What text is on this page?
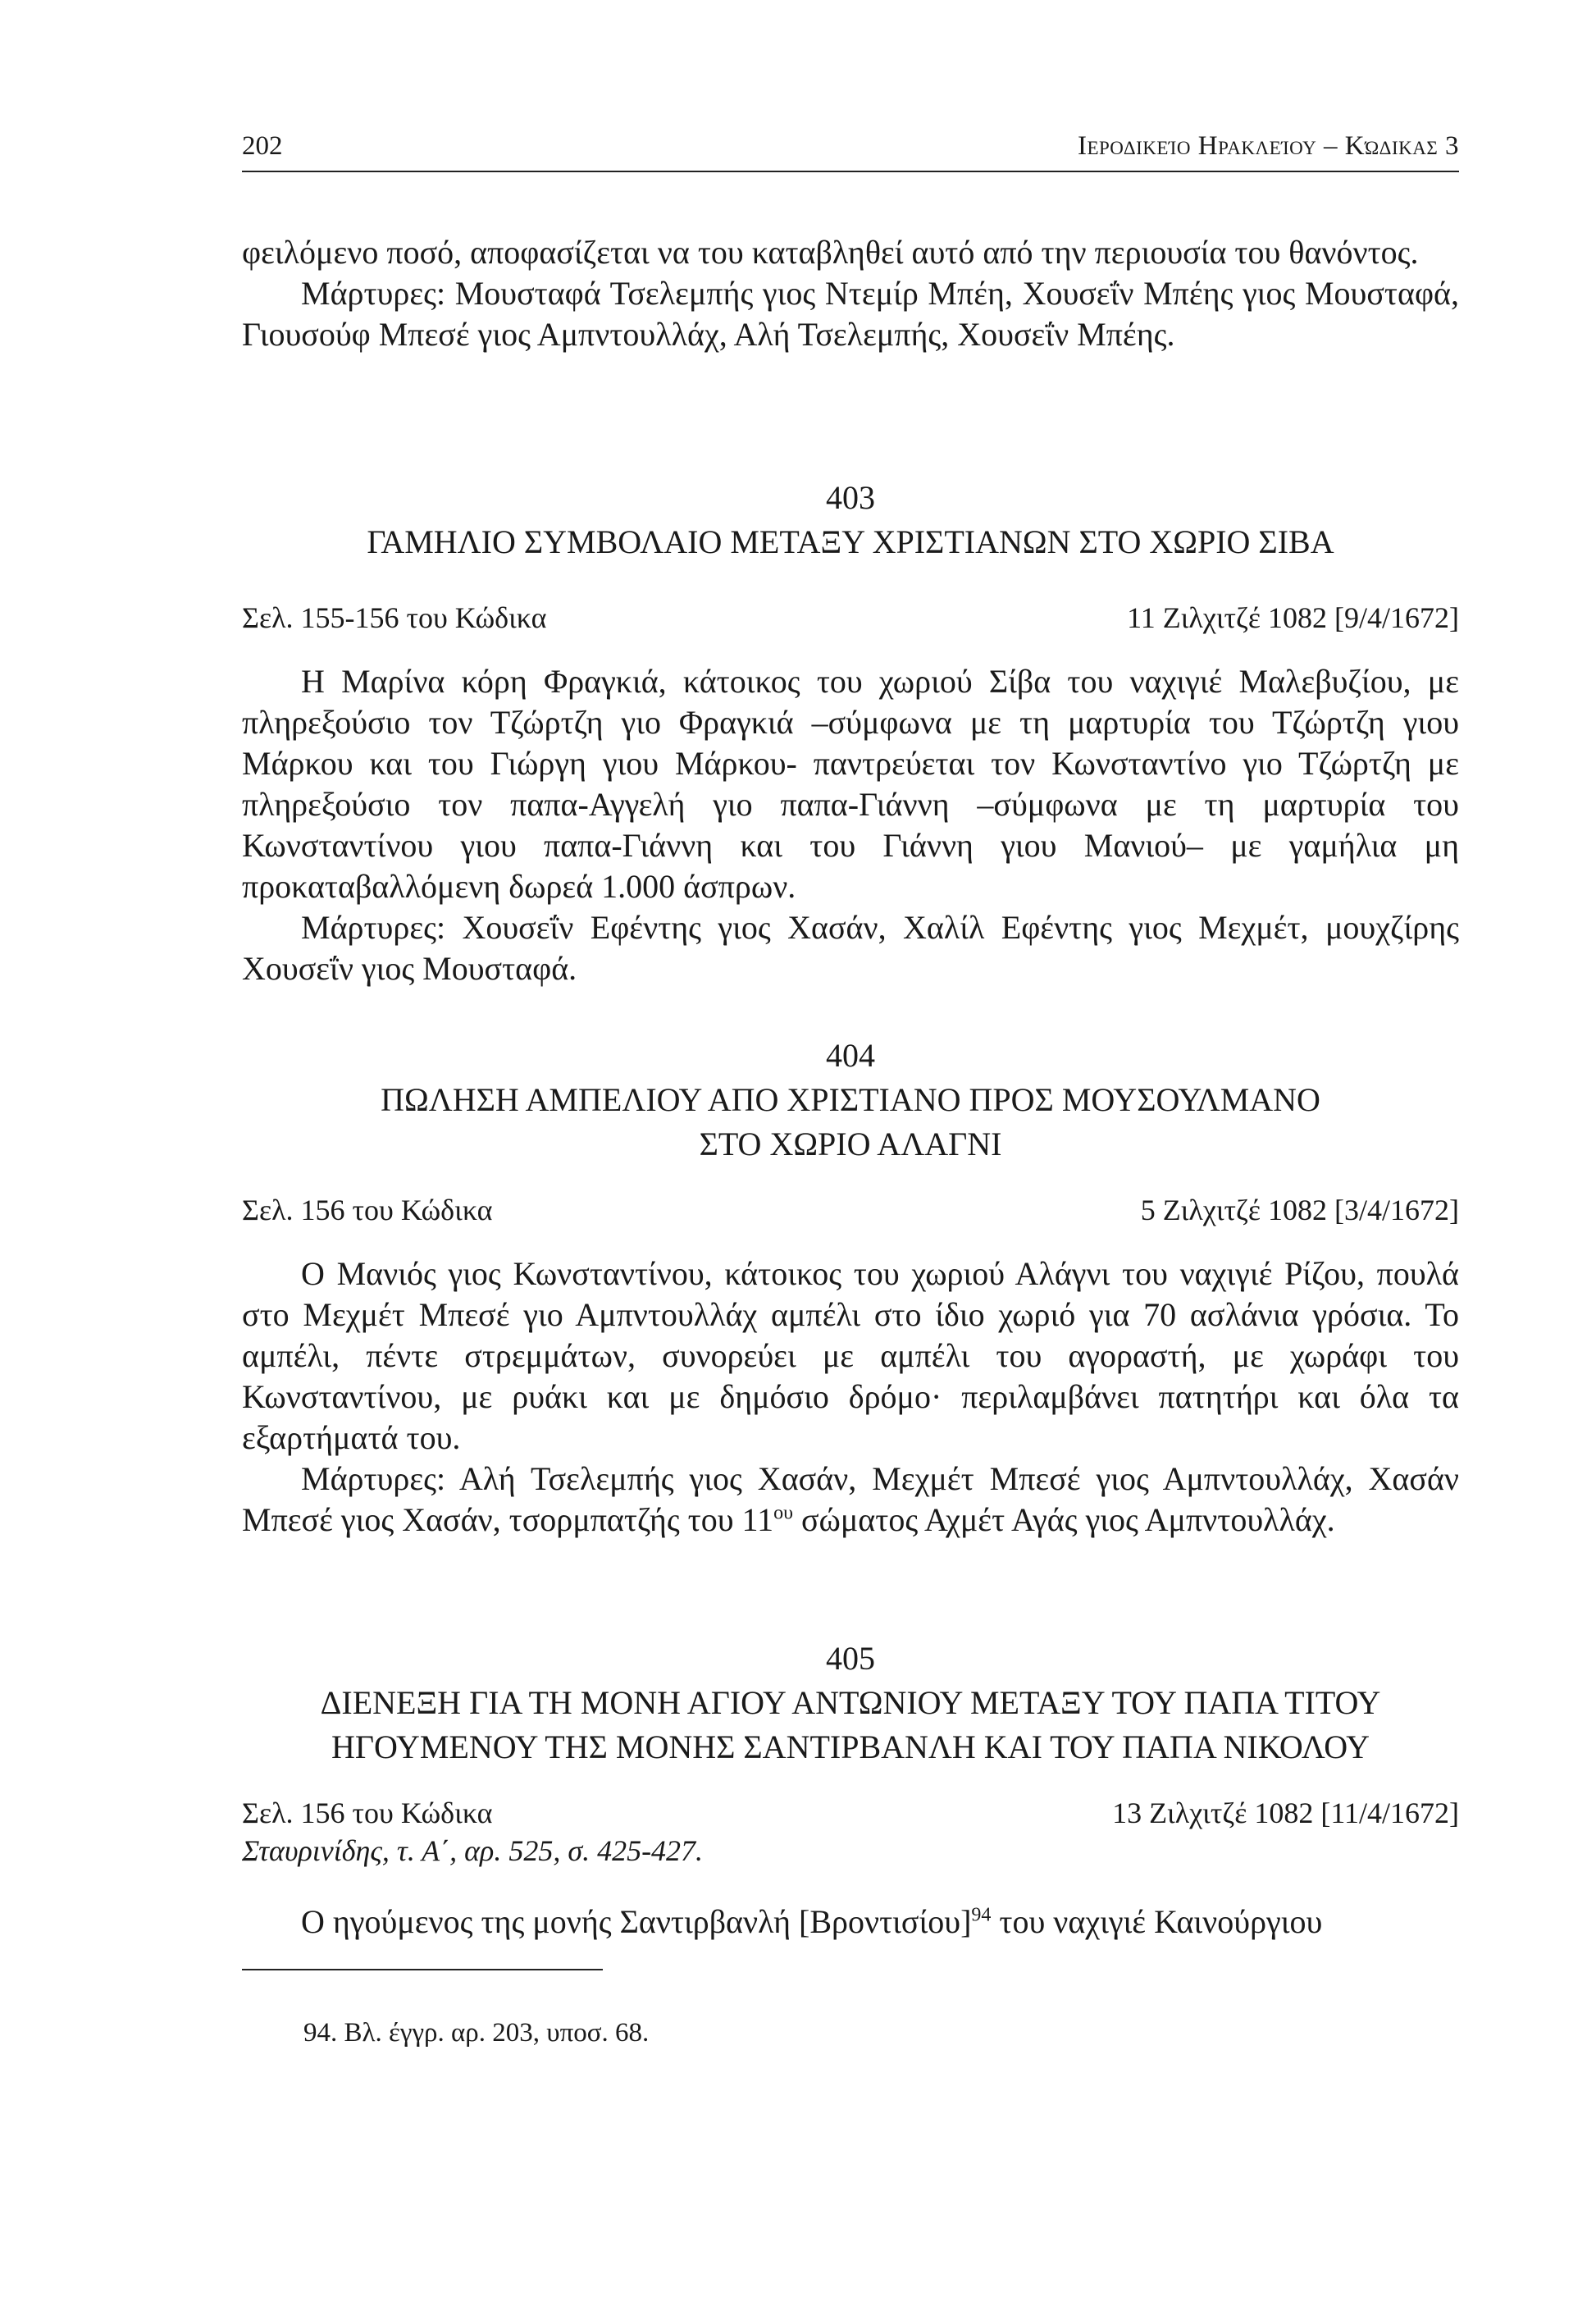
202	Ιεροδικείο Ηρακλείου – Κώδικας 3

φειλόμενο ποσό, αποφασίζεται να του καταβληθεί αυτό από την περιουσία του θανόντος.

Μάρτυρες: Μουσταφά Τσελεμπής γιος Ντεμίρ Μπέη, Χουσεΐν Μπέης γιος Μουσταφά, Γιουσούφ Μπεσέ γιος Αμπντουλλάχ, Αλή Τσελεμπής, Χουσεΐν Μπέης.

403
ΓΑΜΗΛΙΟ ΣΥΜΒΟΛΑΙΟ ΜΕΤΑΞΥ ΧΡΙΣΤΙΑΝΩΝ ΣΤΟ ΧΩΡΙΟ ΣΙΒΑ
Σελ. 155-156 του Κώδικα	11 Ζιλχιτζέ 1082 [9/4/1672]

Η Μαρίνα κόρη Φραγκιά, κάτοικος του χωριού Σίβα του ναχιγιέ Μαλεβυζίου, με πληρεξούσιο τον Τζώρτζη γιο Φραγκιά –σύμφωνα με τη μαρτυρία του Τζώρτζη γιου Μάρκου και του Γιώργη γιου Μάρκου- παντρεύεται τον Κωνσταντίνο γιο Τζώρτζη με πληρεξούσιο τον παπα-Αγγελή γιο παπα-Γιάννη –σύμφωνα με τη μαρτυρία του Κωνσταντίνου γιου παπα-Γιάννη και του Γιάννη γιου Μανιού– με γαμήλια μη προκαταβαλλόμενη δωρεά 1.000 άσπρων.

Μάρτυρες: Χουσεΐν Εφέντης γιος Χασάν, Χαλίλ Εφέντης γιος Μεχμέτ, μουχζίρης Χουσεΐν γιος Μουσταφά.

404
ΠΩΛΗΣΗ ΑΜΠΕΛΙΟΥ ΑΠΟ ΧΡΙΣΤΙΑΝΟ ΠΡΟΣ ΜΟΥΣΟΥΛΜΑΝΟ
ΣΤΟ ΧΩΡΙΟ ΑΛΑΓΝΙ
Σελ. 156 του Κώδικα	5 Ζιλχιτζέ 1082 [3/4/1672]

Ο Μανιός γιος Κωνσταντίνου, κάτοικος του χωριού Αλάγνι του ναχιγιέ Ρίζου, πουλά στο Μεχμέτ Μπεσέ γιο Αμπντουλλάχ αμπέλι στο ίδιο χωριό για 70 ασλάνια γρόσια. Το αμπέλι, πέντε στρεμμάτων, συνορεύει με αμπέλι του αγοραστή, με χωράφι του Κωνσταντίνου, με ρυάκι και με δημόσιο δρόμο· περιλαμβάνει πατητήρι και όλα τα εξαρτήματά του.

Μάρτυρες: Αλή Τσελεμπής γιος Χασάν, Μεχμέτ Μπεσέ γιος Αμπντουλλάχ, Χασάν Μπεσέ γιος Χασάν, τσορμπατζής του $11^{o\upsilon}$ σώματος Αχμέτ Αγάς γιος Αμπντουλλάχ.

405
ΔΙΕΝΕΞΗ ΓΙΑ ΤΗ ΜΟΝΗ ΑΓΙΟΥ ΑΝΤΩΝΙΟΥ ΜΕΤΑΞΥ ΤΟΥ ΠΑΠΑ ΤΙΤΟΥ
ΗΓΟΥΜΕΝΟΥ ΤΗΣ ΜΟΝΗΣ ΣΑΝΤΙΡΒΑΝΛΗ ΚΑΙ ΤΟΥ ΠΑΠΑ ΝΙΚΟΛΟΥ
Σελ. 156 του Κώδικα	13 Ζιλχιτζέ 1082 [11/4/1672]
Σταυρινίδης, τ. Α΄, αρ. 525, σ. 425-427.

Ο ηγούμενος της μονής Σαντιρβανλή $[B\rho o\nu\tau\iota\sigma ίo\upsilon]^{94}$ του ναχιγιέ Καινούργιου

94. Βλ. έγγρ. αρ. 203, υποσ. 68.
